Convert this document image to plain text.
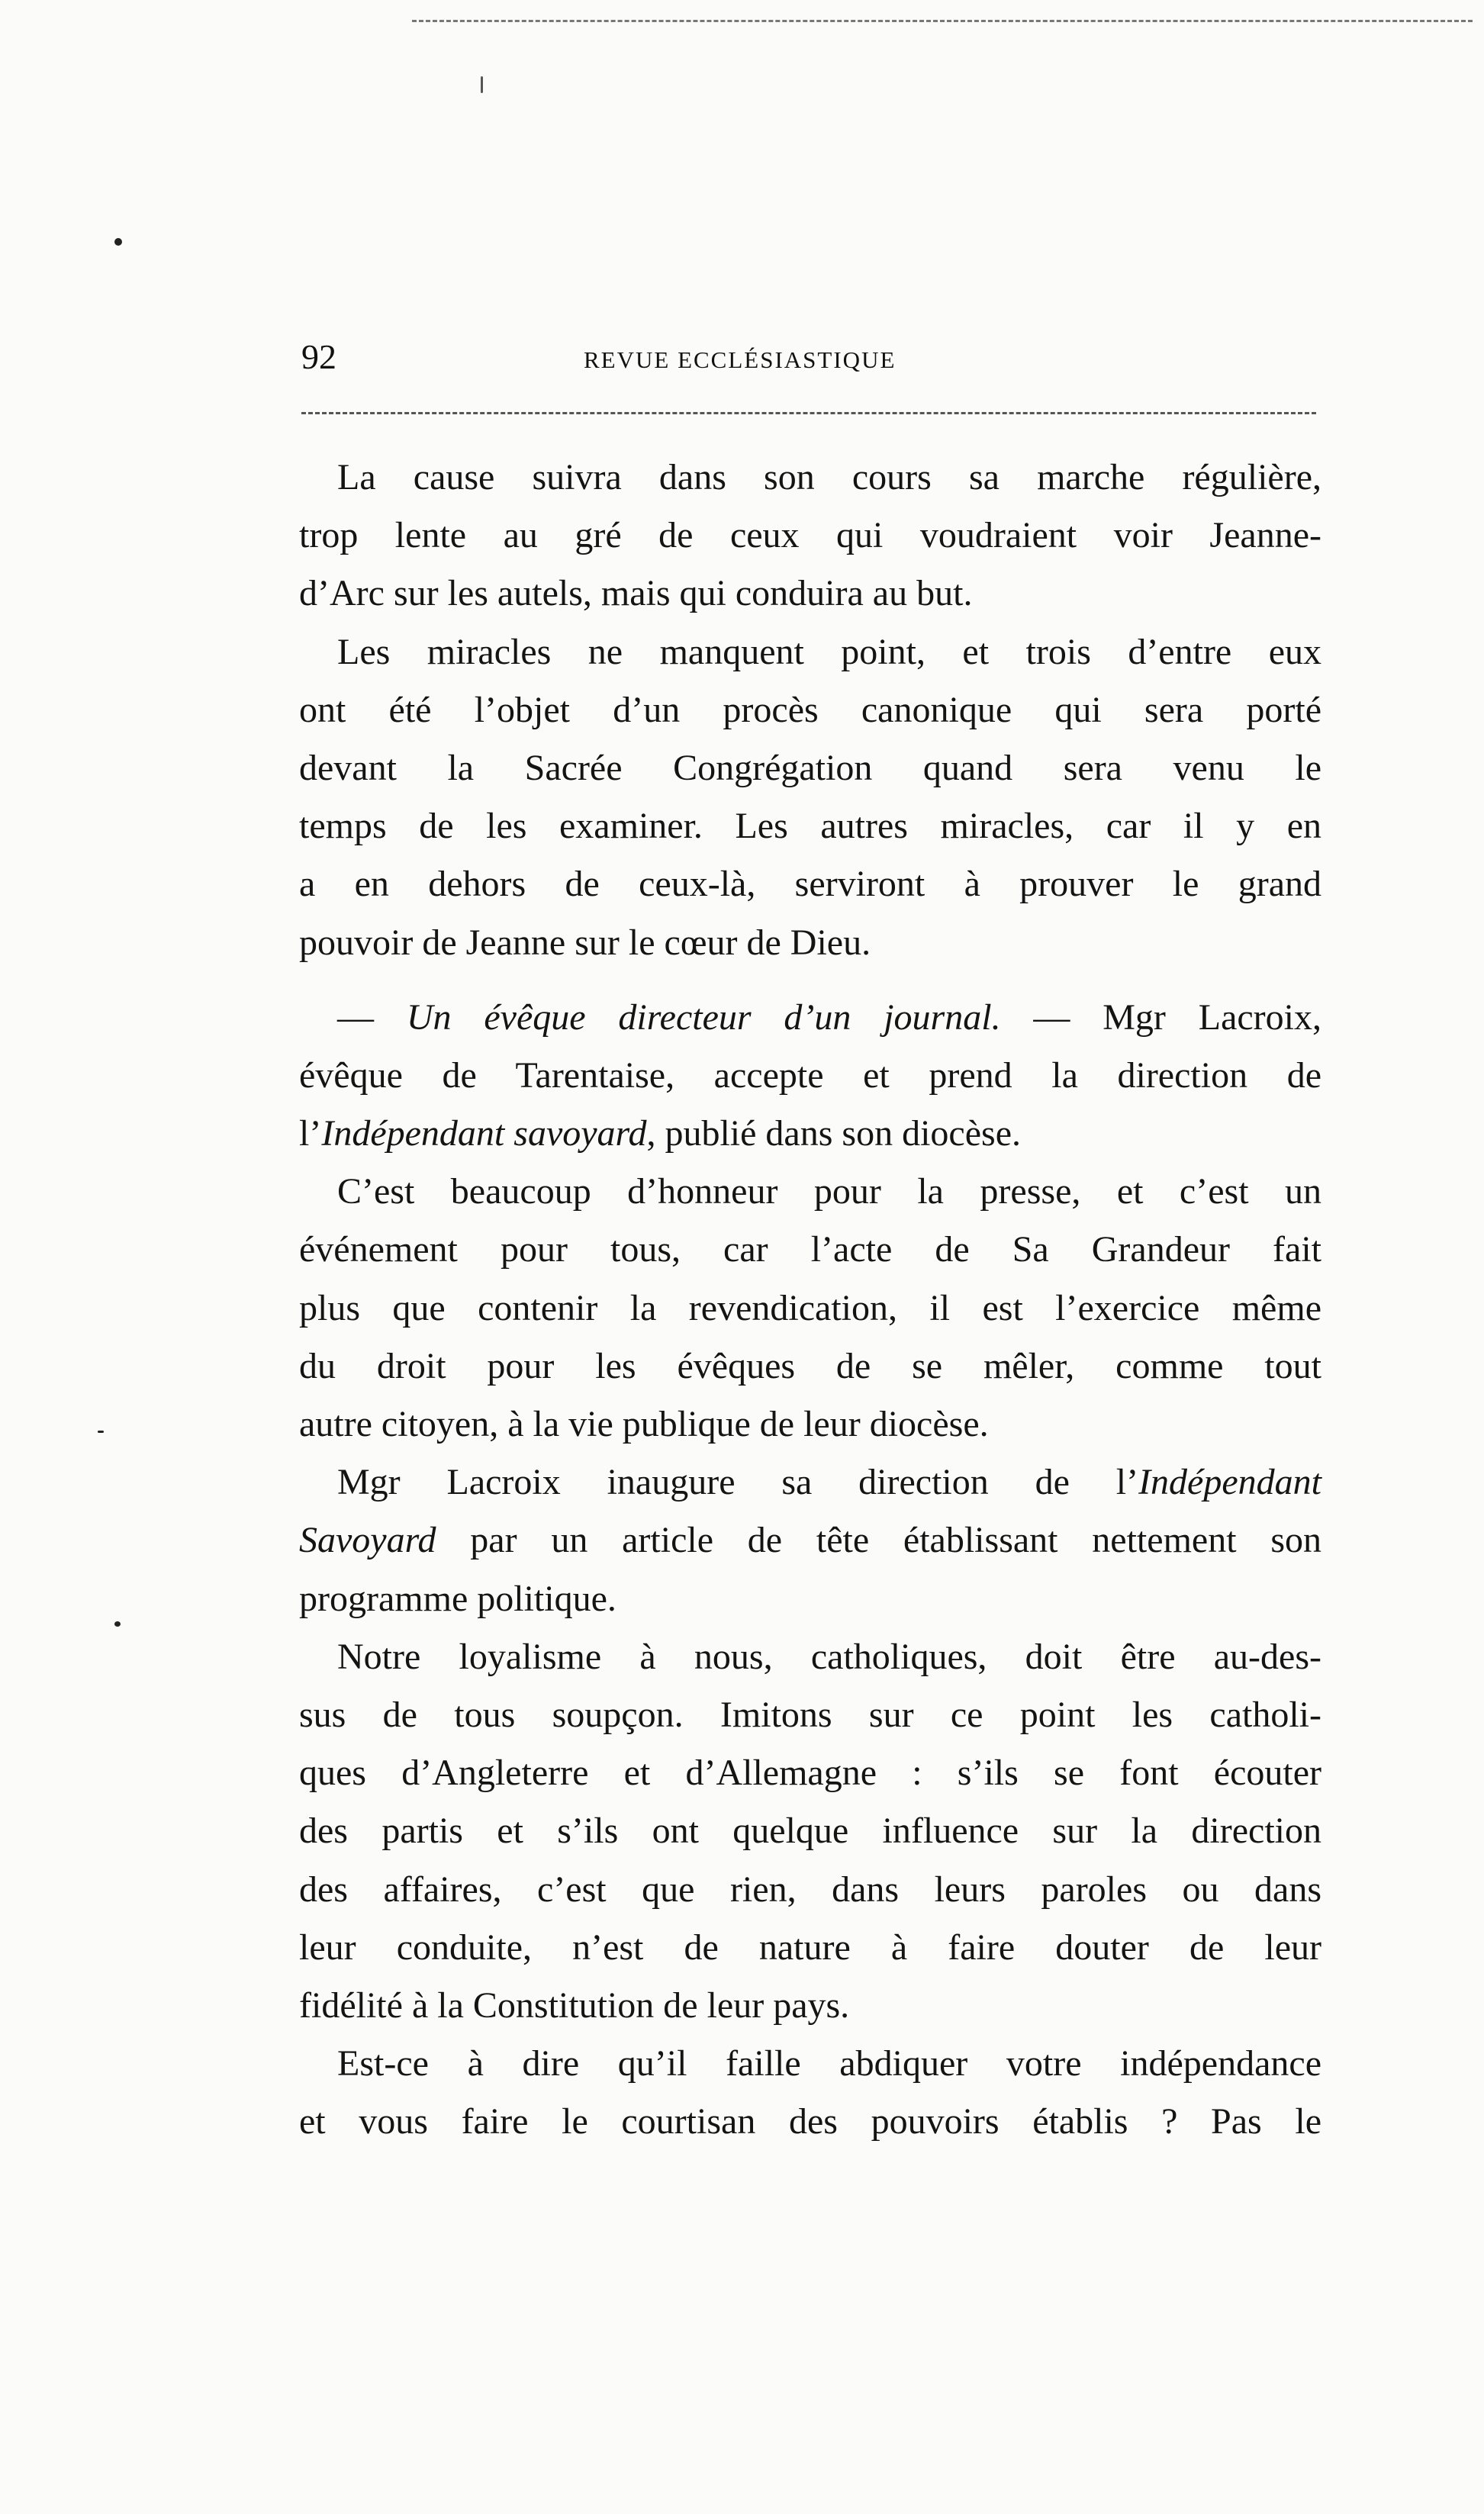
92	REVUE ECCLÉSIASTIQUE
La cause suivra dans son cours sa marche régulière,
trop lente au gré de ceux qui voudraient voir Jeanne-
d’Arc sur les autels, mais qui conduira au but.
Les miracles ne manquent point, et trois d’entre eux
ont été l’objet d’un procès canonique qui sera porté
devant la Sacrée Congrégation quand sera venu le
temps de les examiner. Les autres miracles, car il y en
a en dehors de ceux-là, serviront à prouver le grand
pouvoir de Jeanne sur le cœur de Dieu.
— Un évêque directeur d’un journal. — Mgr Lacroix,
évêque de Tarentaise, accepte et prend la direction de
l’Indépendant savoyard, publié dans son diocèse.
C’est beaucoup d’honneur pour la presse, et c’est un
événement pour tous, car l’acte de Sa Grandeur fait
plus que contenir la revendication, il est l’exercice même
du droit pour les évêques de se mêler, comme tout
autre citoyen, à la vie publique de leur diocèse.
Mgr Lacroix inaugure sa direction de l’Indépendant
Savoyard par un article de tête établissant nettement son
programme politique.
Notre loyalisme à nous, catholiques, doit être au-des-
sus de tous soupçon. Imitons sur ce point les catholi-
ques d’Angleterre et d’Allemagne : s’ils se font écouter
des partis et s’ils ont quelque influence sur la direction
des affaires, c’est que rien, dans leurs paroles ou dans
leur conduite, n’est de nature à faire douter de leur
fidélité à la Constitution de leur pays.
Est-ce à dire qu’il faille abdiquer votre indépendance
et vous faire le courtisan des pouvoirs établis ? Pas le
